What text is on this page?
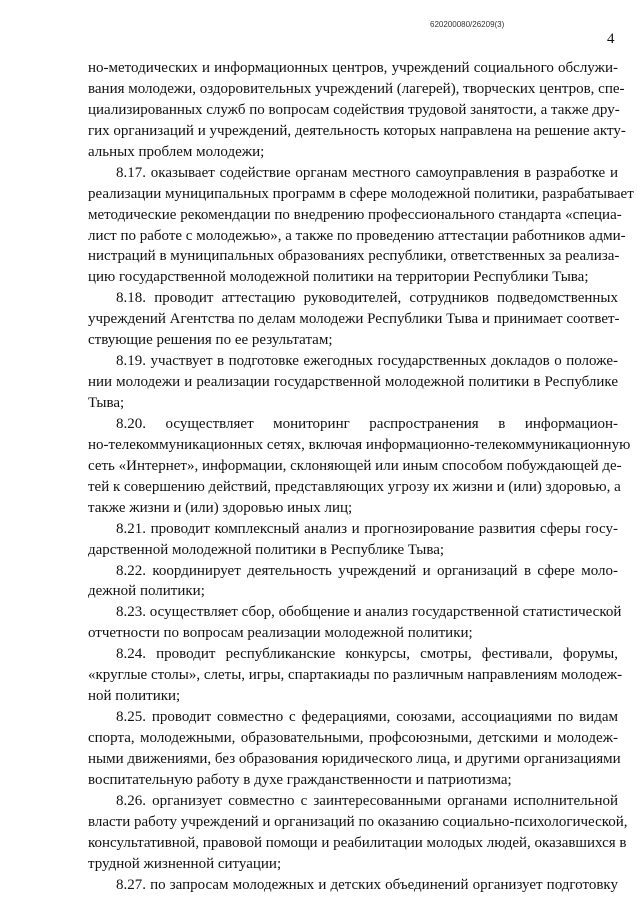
620200080/26209(3)
4
но-методических и информационных центров, учреждений социального обслужи-
вания молодежи, оздоровительных учреждений (лагерей), творческих центров, спе-
циализированных служб по вопросам содействия трудовой занятости, а также дру-
гих организаций и учреждений, деятельность которых направлена на решение акту-
альных проблем молодежи;
8.17. оказывает содействие органам местного самоуправления в разработке и
реализации муниципальных программ в сфере молодежной политики, разрабатывает
методические рекомендации по внедрению профессионального стандарта «специа-
лист по работе с молодежью», а также по проведению аттестации работников адми-
нистраций в муниципальных образованиях республики, ответственных за реализа-
цию государственной молодежной политики на территории Республики Тыва;
8.18. проводит аттестацию руководителей, сотрудников подведомственных
учреждений Агентства по делам молодежи Республики Тыва и принимает соответ-
ствующие решения по ее результатам;
8.19. участвует в подготовке ежегодных государственных докладов о положе-
нии молодежи и реализации государственной молодежной политики в Республике
Тыва;
8.20. осуществляет мониторинг распространения в информацион-
но-телекоммуникационных сетях, включая информационно-телекоммуникационную
сеть «Интернет», информации, склоняющей или иным способом побуждающей де-
тей к совершению действий, представляющих угрозу их жизни и (или) здоровью, а
также жизни и (или) здоровью иных лиц;
8.21. проводит комплексный анализ и прогнозирование развития сферы госу-
дарственной молодежной политики в Республике Тыва;
8.22. координирует деятельность учреждений и организаций в сфере моло-
дежной политики;
8.23. осуществляет сбор, обобщение и анализ государственной статистической
отчетности по вопросам реализации молодежной политики;
8.24. проводит республиканские конкурсы, смотры, фестивали, форумы,
«круглые столы», слеты, игры, спартакиады по различным направлениям молодеж-
ной политики;
8.25. проводит совместно с федерациями, союзами, ассоциациями по видам
спорта, молодежными, образовательными, профсоюзными, детскими и молодеж-
ными движениями, без образования юридического лица, и другими организациями
воспитательную работу в духе гражданственности и патриотизма;
8.26. организует совместно с заинтересованными органами исполнительной
власти работу учреждений и организаций по оказанию социально-психологической,
консультативной, правовой помощи и реабилитации молодых людей, оказавшихся в
трудной жизненной ситуации;
8.27. по запросам молодежных и детских объединений организует подготовку
